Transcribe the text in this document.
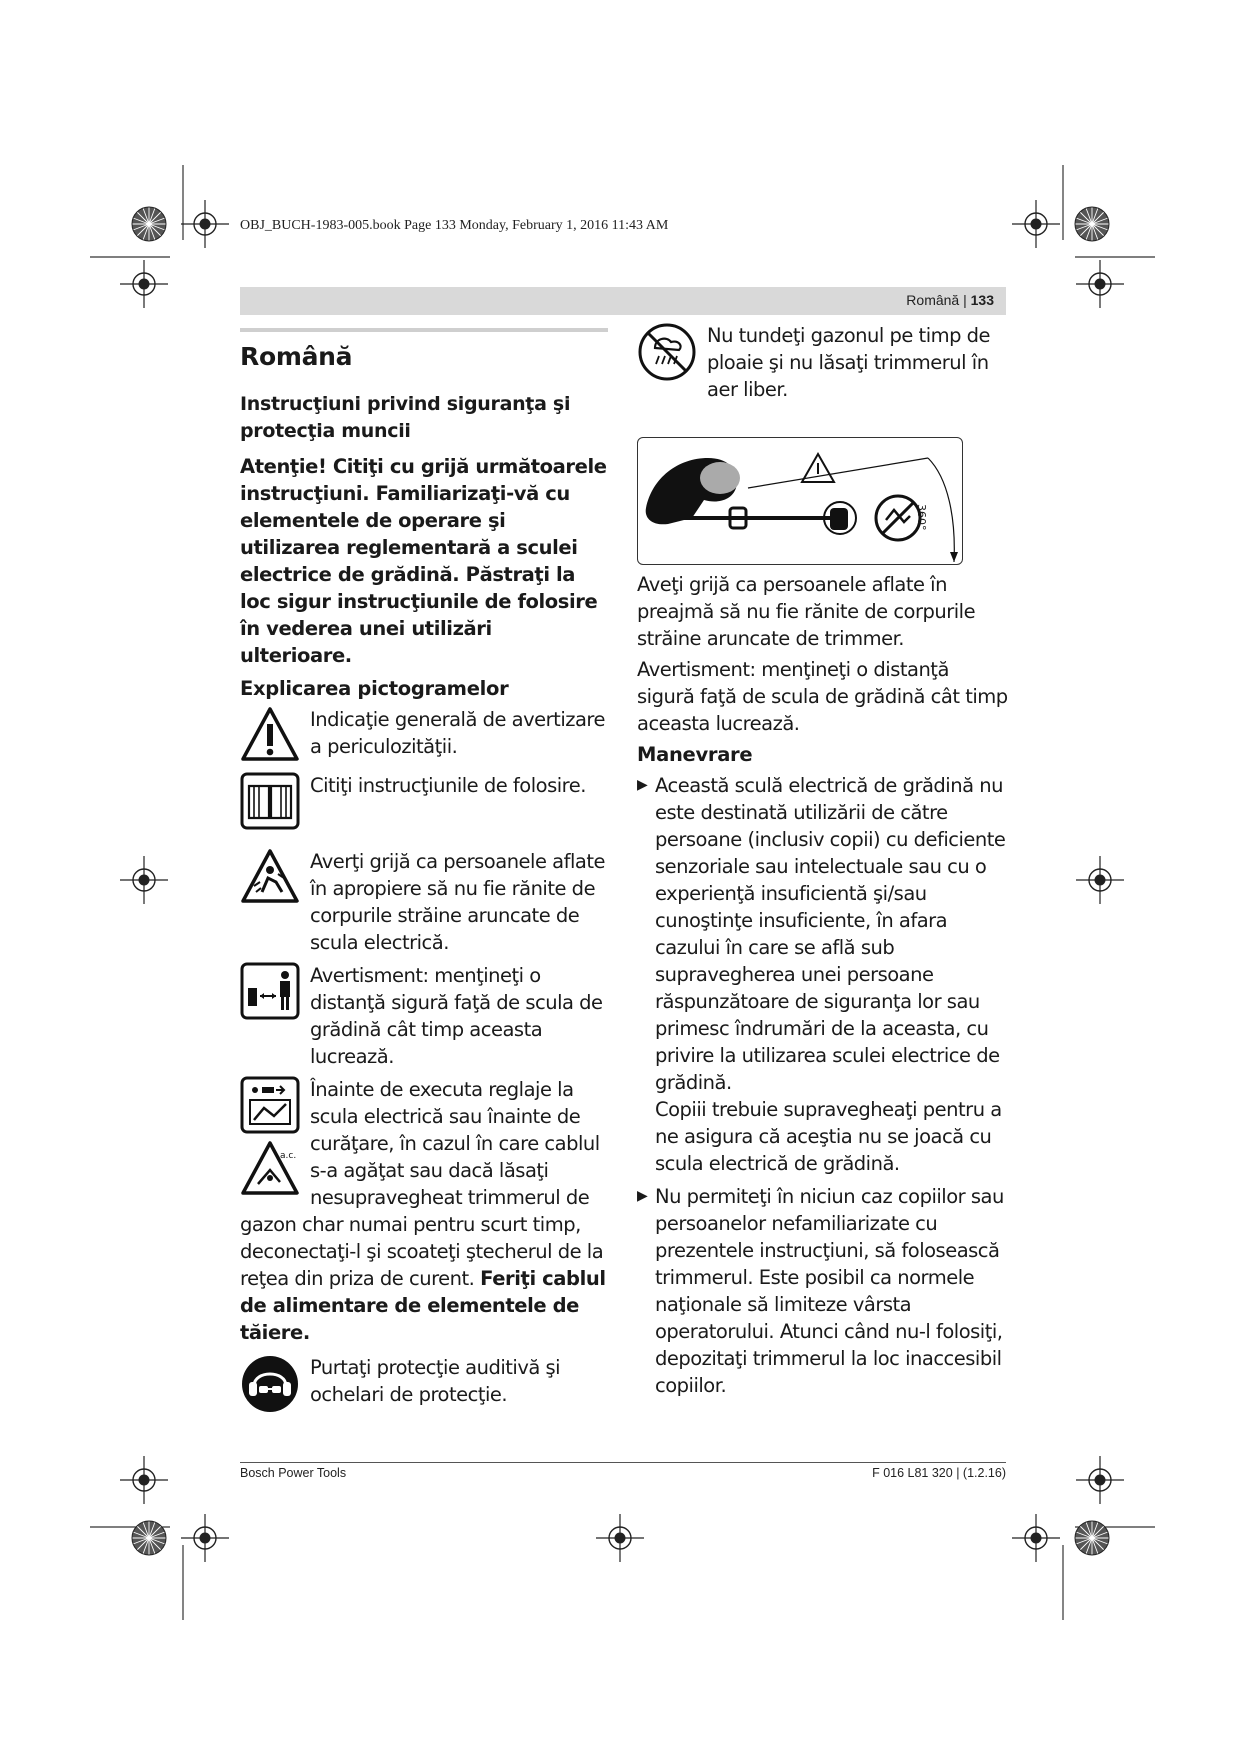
OBJ_BUCH-1983-005.book Page 133 Monday, February 1, 2016 11:43 AM
Română | 133
Română
Instrucţiuni privind siguranţa şi protecţia muncii
Atenţie! Citiţi cu grijă următoarele instrucţiuni. Familiarizaţi-vă cu elementele de operare şi utilizarea reglementară a sculei electrice de grădină. Păstraţi la loc sigur instrucţiunile de folosire în vederea unei utilizări ulterioare.
Explicarea pictogramelor
Indicaţie generală de avertizare a periculozităţii.
Citiţi instrucţiunile de folosire.
Averţi grijă ca persoanele aflate în apropiere să nu fie rănite de corpurile străine aruncate de scula electrică.
Avertisment: menţineţi o distanţă sigură faţă de scula de grădină cât timp aceasta lucrează.

a.c.
Înainte de executa reglaje la scula electrică sau înainte de curăţare, în cazul în care cablul s-a agăţat sau dacă lăsaţi nesupravegheat trimmerul de gazon char numai pentru scurt timp, deconectaţi-l şi scoateţi ştecherul de la reţea din priza de curent. Feriţi cablul de alimentare de elementele de tăiere.
Purtaţi protecţie auditivă şi ochelari de protecţie.
Nu tundeţi gazonul pe timp de ploaie şi nu lăsaţi trimmerul în aer liber.
360°
Aveţi grijă ca persoanele aflate în preajmă să nu fie rănite de corpurile străine aruncate de trimmer.
Avertisment: menţineţi o distanţă sigură faţă de scula de grădină cât timp aceasta lucrează.
Manevrare
▶ Această sculă electrică de grădină nu este destinată utilizării de către persoane (inclusiv copii) cu deficiente senzoriale sau intelectuale sau cu o experienţă insuficientă şi/sau cunoştinţe insuficiente, în afara cazului în care se află sub supravegherea unei persoane răspunzătoare de siguranţa lor sau primesc îndrumări de la aceasta, cu privire la utilizarea sculei electrice de grădină.
Copiii trebuie supravegheaţi pentru a ne asigura că aceştia nu se joacă cu scula electrică de grădină.
▶ Nu permiteţi în niciun caz copiilor sau persoanelor nefamiliarizate cu prezentele instrucţiuni, să folosească trimmerul. Este posibil ca normele naţionale să limiteze vârsta operatorului. Atunci când nu-l folosiţi, depozitaţi trimmerul la loc inaccesibil copiilor.
Bosch Power Tools	F 016 L81 320 | (1.2.16)
